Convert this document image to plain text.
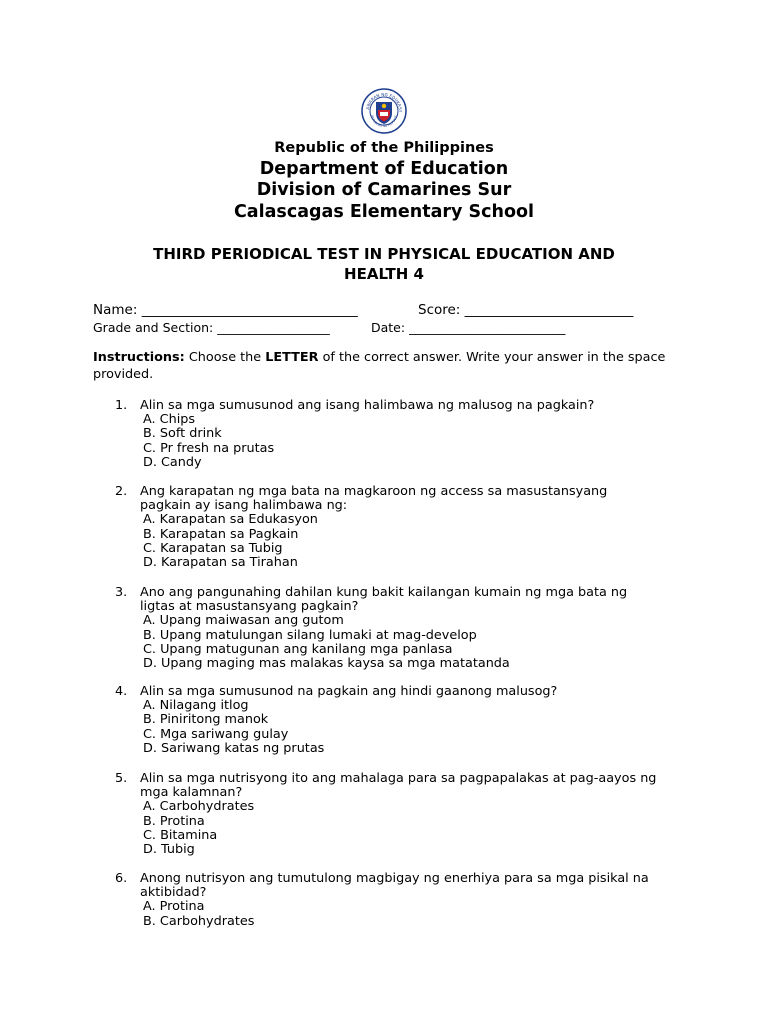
AWARAN NG EDUKASY
REPUBLIKA NG PILIPINAS
Republic of the Philippines
Department of Education
Division of Camarines Sur
Calascagas Elementary School
THIRD PERIODICAL TEST IN PHYSICAL EDUCATION AND
HEALTH 4
Name: ________________________________	Score: _________________________
Grade and Section: __________________	Date: _________________________
Instructions: Choose the LETTER of the correct answer. Write your answer in the space provided.
1. Alin sa mga sumusunod ang isang halimbawa ng malusog na pagkain?
A. Chips
B. Soft drink
C. Pr fresh na prutas
D. Candy
2. Ang karapatan ng mga bata na magkaroon ng access sa masustansyang pagkain ay isang halimbawa ng:
A. Karapatan sa Edukasyon
B. Karapatan sa Pagkain
C. Karapatan sa Tubig
D. Karapatan sa Tirahan
3. Ano ang pangunahing dahilan kung bakit kailangan kumain ng mga bata ng ligtas at masustansyang pagkain?
A. Upang maiwasan ang gutom
B. Upang matulungan silang lumaki at mag-develop
C. Upang matugunan ang kanilang mga panlasa
D. Upang maging mas malakas kaysa sa mga matatanda
4. Alin sa mga sumusunod na pagkain ang hindi gaanong malusog?
A. Nilagang itlog
B. Piniritong manok
C. Mga sariwang gulay
D. Sariwang katas ng prutas
5. Alin sa mga nutrisyong ito ang mahalaga para sa pagpapalakas at pag-aayos ng mga kalamnan?
A. Carbohydrates
B. Protina
C. Bitamina
D. Tubig
6. Anong nutrisyon ang tumutulong magbigay ng enerhiya para sa mga pisikal na aktibidad?
A. Protina
B. Carbohydrates
